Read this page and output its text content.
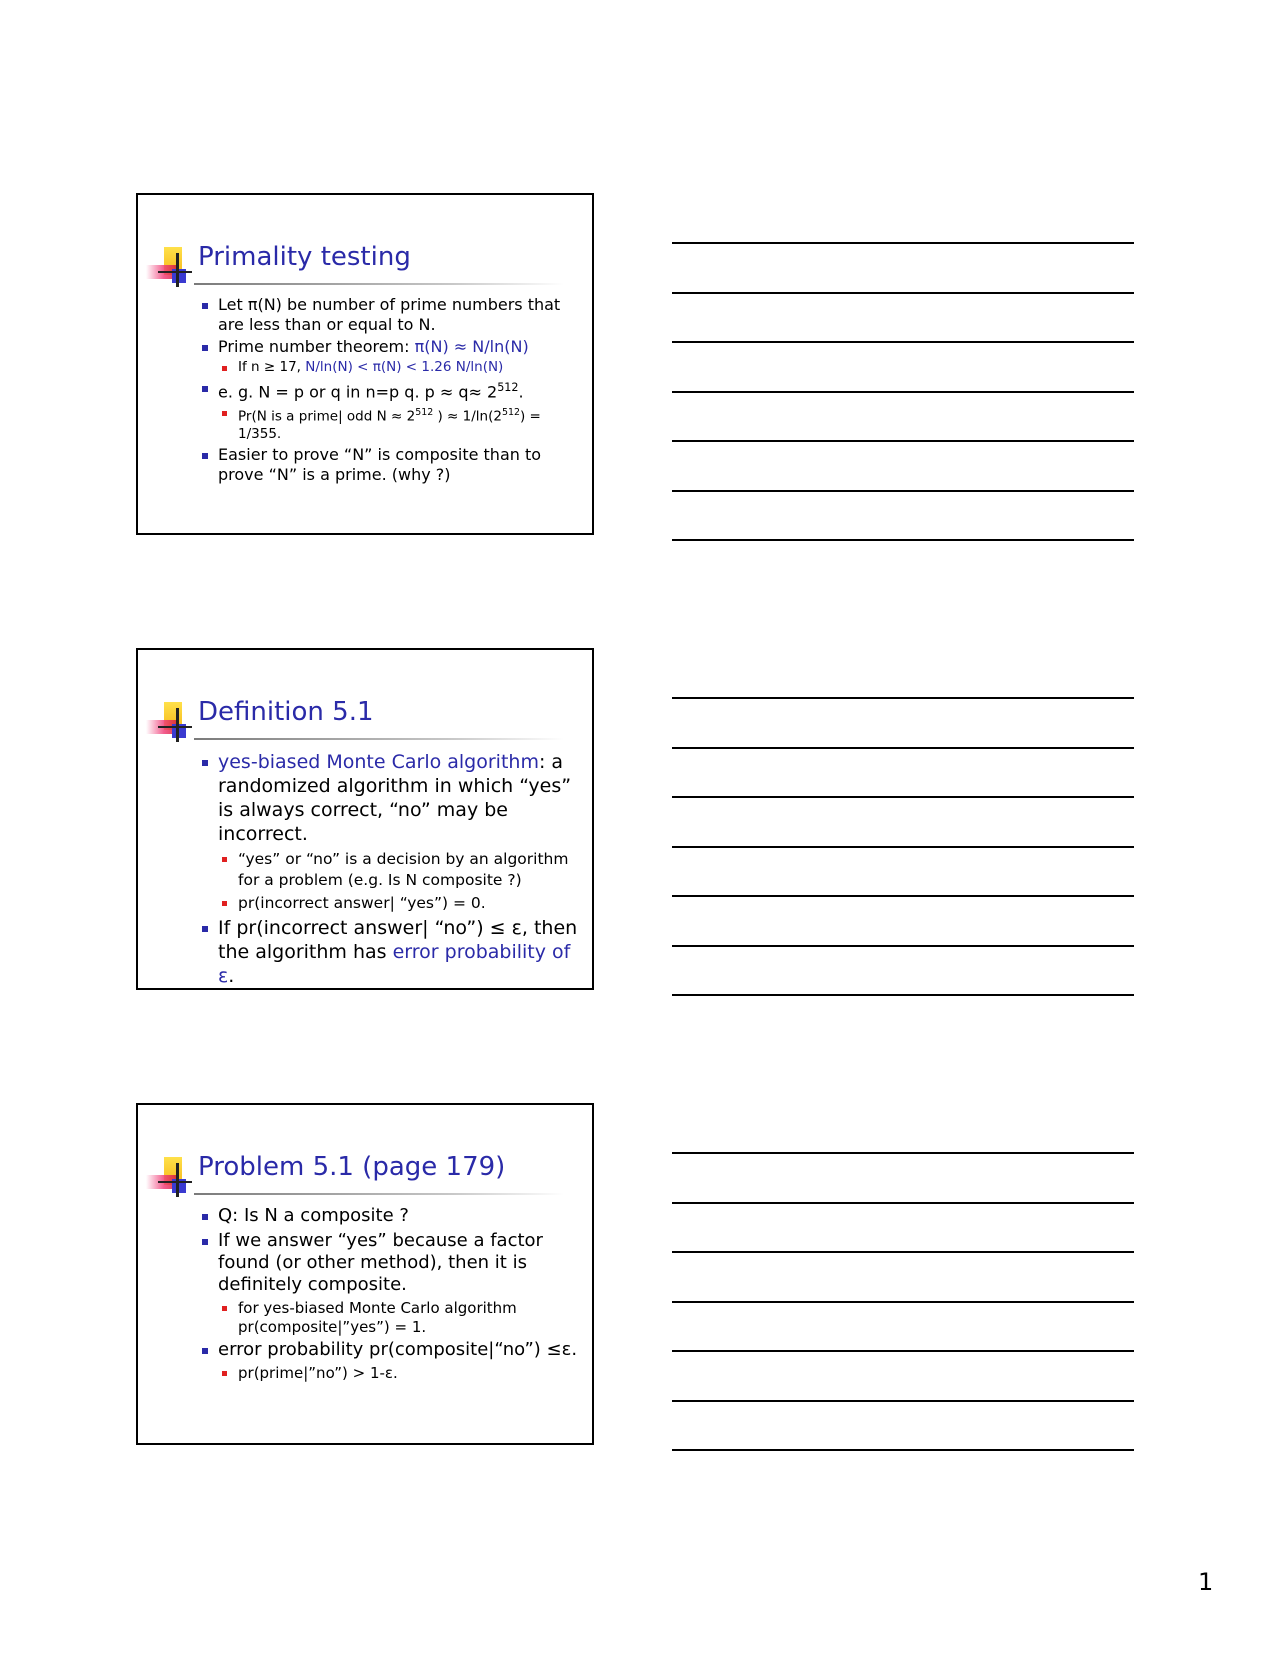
Primality testing
Let π(N) be number of prime numbers that are less than or equal to N.
Prime number theorem: π(N) ≈ N/ln(N)
If n ≥ 17, N/ln(N) < π(N) < 1.26 N/ln(N)
e. g. N = p or q in n=p q. $p \approx q\approx 2^{512}$.
Pr(N is a prime| odd $N \approx 2^{512}$ ) ≈ $1/\ln(2^{512}) = 1/355$.
Easier to prove “N” is composite than to prove “N” is a prime. (why ?)
Definition 5.1
yes-biased Monte Carlo algorithm: a randomized algorithm in which “yes” is always correct, “no” may be incorrect.
“yes” or “no” is a decision by an algorithm for a problem (e.g. Is N composite ?)
pr(incorrect answer| “yes”) = 0.
If pr(incorrect answer| “no”) ≤ ε, then the algorithm has error probability of ε.
Problem 5.1 (page 179)
Q: Is N a composite ?
If we answer “yes” because a factor found (or other method), then it is definitely composite.
for yes-biased Monte Carlo algorithm pr(composite|”yes”) = 1.
error probability pr(composite|“no”) ≤ε.
pr(prime|”no”) > 1-ε.
1
